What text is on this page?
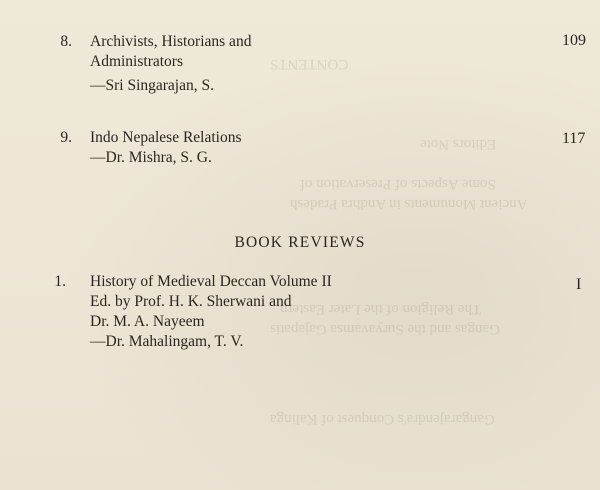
CONTENTS
Editors Note
Some Aspects of Preservation of
Ancient Monuments in Andhra Pradesh
The Religion of the Later Eastern
Gangas and the Suryavamsa Gajapatis
Gangarajendra's Conquest of Kalinga
8. Archivists, Historians and
Administrators
—Sri Singarajan, S.
109
9. Indo Nepalese Relations
—Dr. Mishra, S. G.
117
BOOK REVIEWS
1. History of Medieval Deccan Volume II
Ed. by Prof. H. K. Sherwani and
Dr. M. A. Nayeem
—Dr. Mahalingam, T. V.
I
